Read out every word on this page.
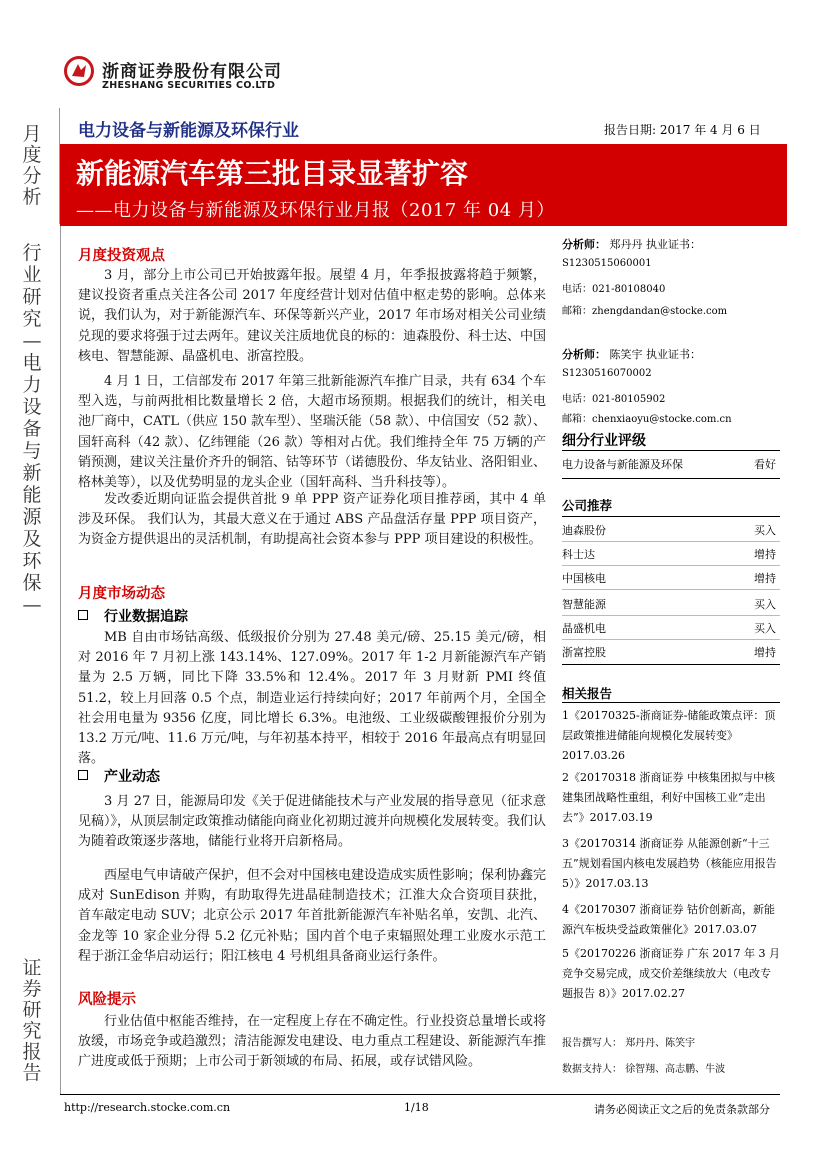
浙商证券股份有限公司
ZHESHANG SECURITIES CO.LTD
月度分析
行业研究—电力设备与新能源及环保—
证券研究报告
电力设备与新能源及环保行业	报告日期: 2017 年 4 月 6 日
新能源汽车第三批目录显著扩容
——电力设备与新能源及环保行业月报（2017 年 04 月）
月度投资观点
3 月，部分上市公司已开始披露年报。展望 4 月，年季报披露将趋于频繁，建议投资者重点关注各公司 2017 年度经营计划对估值中枢走势的影响。总体来说，我们认为，对于新能源汽车、环保等新兴产业，2017 年市场对相关公司业绩兑现的要求将强于过去两年。建议关注质地优良的标的：迪森股份、科士达、中国核电、智慧能源、晶盛机电、浙富控股。
4 月 1 日，工信部发布 2017 年第三批新能源汽车推广目录，共有 634 个车型入选，与前两批相比数量增长 2 倍，大超市场预期。根据我们的统计，相关电池厂商中，CATL（供应 150 款车型）、坚瑞沃能（58 款）、中信国安（52 款）、国轩高科（42 款）、亿纬锂能（26 款）等相对占优。我们维持全年 75 万辆的产销预测，建议关注量价齐升的铜箔、钴等环节（诺德股份、华友钴业、洛阳钼业、格林美等），以及优势明显的龙头企业（国轩高科、当升科技等）。
发改委近期向证监会提供首批 9 单 PPP 资产证券化项目推荐函，其中 4 单涉及环保。 我们认为，其最大意义在于通过 ABS 产品盘活存量 PPP 项目资产，为资金方提供退出的灵活机制，有助提高社会资本参与 PPP 项目建设的积极性。
月度市场动态
行业数据追踪
MB 自由市场钴高级、低级报价分别为 27.48 美元/磅、25.15 美元/磅，相对 2016 年 7 月初上涨 143.14%、127.09%。2017 年 1-2 月新能源汽车产销量为 2.5 万辆，同比下降 33.5%和 12.4%。2017 年 3 月财新 PMI 终值 51.2，较上月回落 0.5 个点，制造业运行持续向好；2017 年前两个月，全国全社会用电量为 9356 亿度，同比增长 6.3%。电池级、工业级碳酸锂报价分别为 13.2 万元/吨、11.6 万元/吨，与年初基本持平，相较于 2016 年最高点有明显回落。
产业动态
3 月 27 日，能源局印发《关于促进储能技术与产业发展的指导意见（征求意见稿）》，从顶层制定政策推动储能向商业化初期过渡并向规模化发展转变。我们认为随着政策逐步落地，储能行业将开启新格局。
西屋电气申请破产保护，但不会对中国核电建设造成实质性影响；保利协鑫完成对 SunEdison 并购，有助取得先进晶硅制造技术；江淮大众合资项目获批，首车敲定电动 SUV；北京公示 2017 年首批新能源汽车补贴名单，安凯、北汽、金龙等 10 家企业分得 5.2 亿元补贴；国内首个电子束辐照处理工业废水示范工程于浙江金华启动运行；阳江核电 4 号机组具备商业运行条件。
风险提示
行业估值中枢能否维持，在一定程度上存在不确定性。行业投资总量增长或将放缓，市场竞争或趋激烈；清洁能源发电建设、电力重点工程建设、新能源汽车推广进度或低于预期；上市公司于新领域的布局、拓展，或存试错风险。
分析师： 郑丹丹 执业证书：
S1230515060001
电话：021-80108040
邮箱：zhengdandan@stocke.com
分析师： 陈笑宇 执业证书：
S1230516070002
电话：021-80105902
邮箱：chenxiaoyu@stocke.com.cn
细分行业评级
电力设备与新能源及环保	看好
公司推荐
迪森股份	买入
科士达	增持
中国核电	增持
智慧能源	买入
晶盛机电	买入
浙富控股	增持
相关报告
1《20170325-浙商证券-储能政策点评：顶层政策推进储能向规模化发展转变》2017.03.26
2《20170318 浙商证券 中核集团拟与中核建集团战略性重组，利好中国核工业“走出去”》2017.03.19
3《20170314 浙商证券 从能源创新“十三五”规划看国内核电发展趋势（核能应用报告 5）》2017.03.13
4《20170307 浙商证券 钴价创新高，新能源汽车板块受益政策催化》2017.03.07
5《20170226 浙商证券 广东 2017 年 3 月竞争交易完成，成交价差继续放大（电改专题报告 8）》2017.02.27
报告撰写人： 郑丹丹、陈笑宇
数据支持人： 徐智翔、高志鹏、牛波
http://research.stocke.com.cn	1/18	请务必阅读正文之后的免责条款部分
